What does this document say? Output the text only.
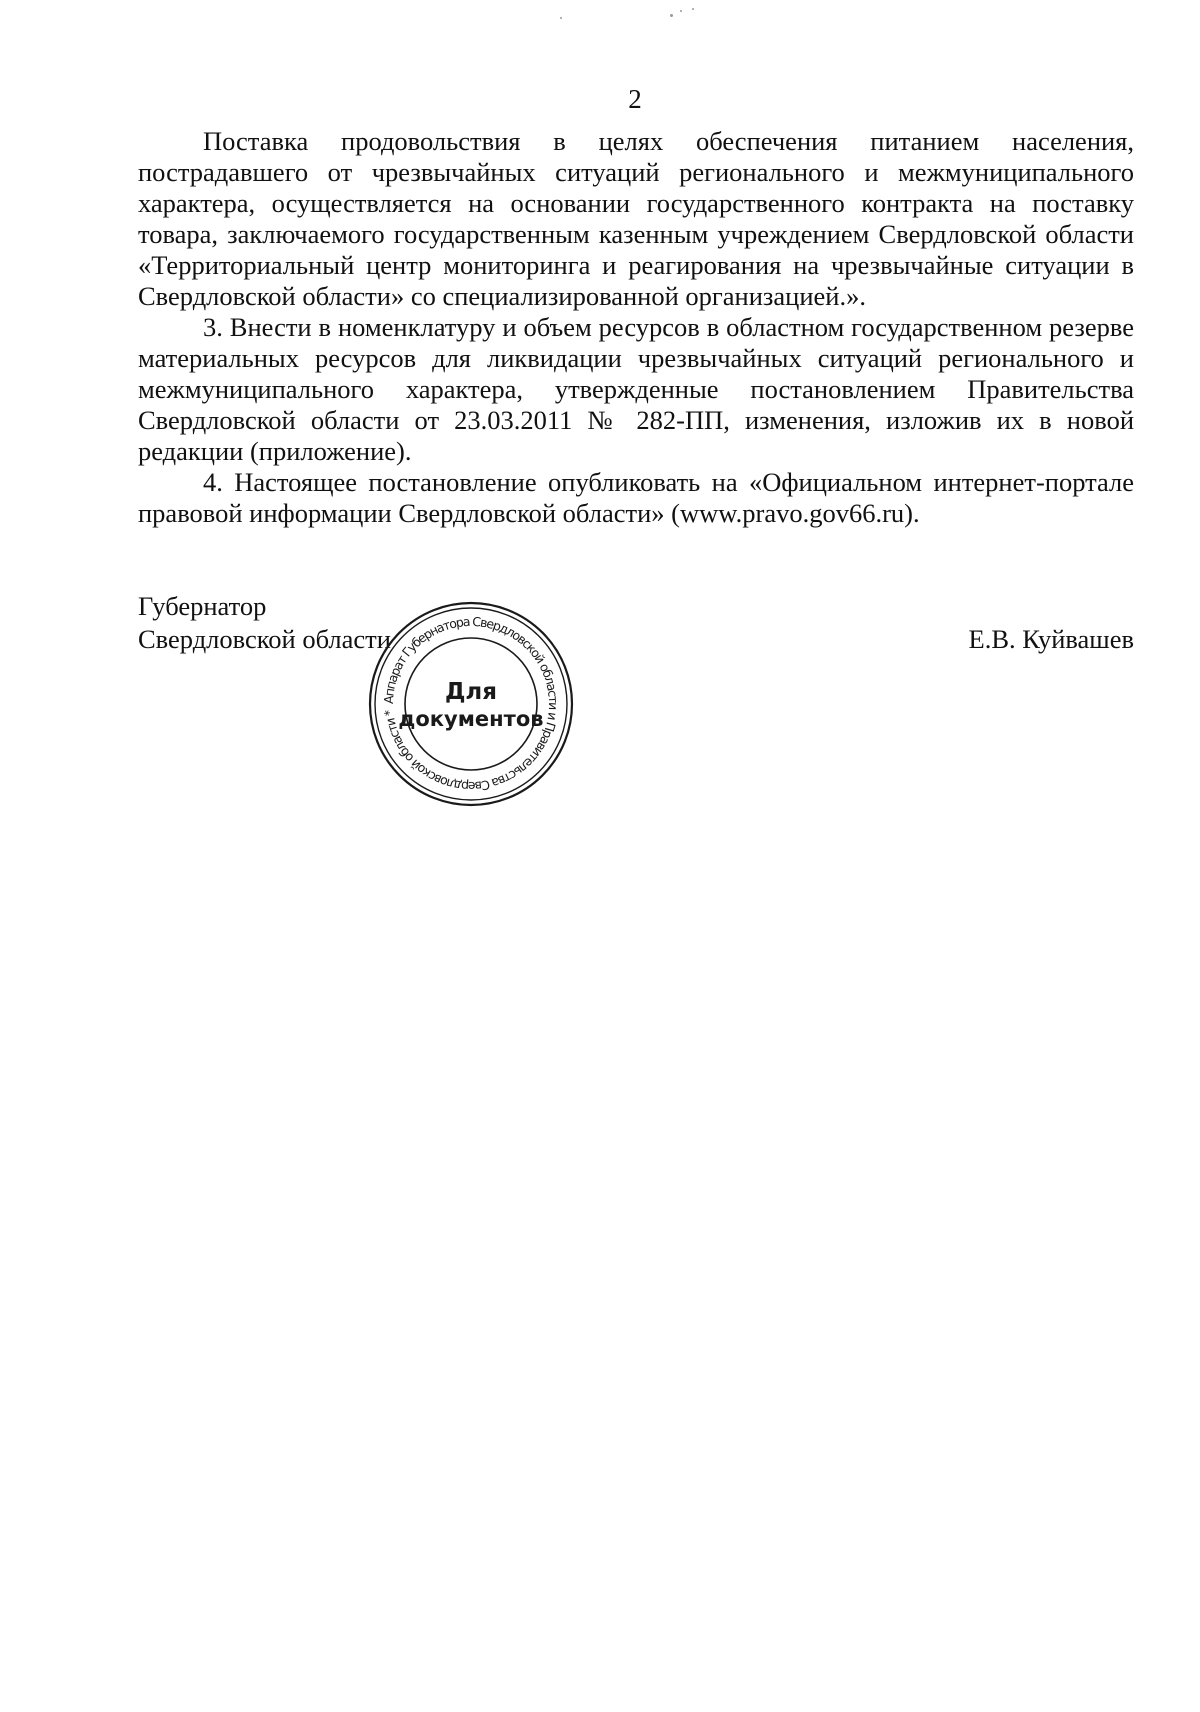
2

Поставка продовольствия в целях обеспечения питанием населения, пострадавшего от чрезвычайных ситуаций регионального и межмуниципального характера, осуществляется на основании государственного контракта на поставку товара, заключаемого государственным казенным учреждением Свердловской области «Территориальный центр мониторинга и реагирования на чрезвычайные ситуации в Свердловской области» со специализированной организацией.».

3. Внести в номенклатуру и объем ресурсов в областном государственном резерве материальных ресурсов для ликвидации чрезвычайных ситуаций регионального и межмуниципального характера, утвержденные постановлением Правительства Свердловской области от 23.03.2011 № 282-ПП, изменения, изложив их в новой редакции (приложение).

4. Настоящее постановление опубликовать на «Официальном интернет-портале правовой информации Свердловской области» (www.pravo.gov66.ru).

Губернатор
Свердловской области	Е.В. Куйвашев
Аппарат Губернатора Свердловской области и Правительства Свердловской области *
Для
документов
